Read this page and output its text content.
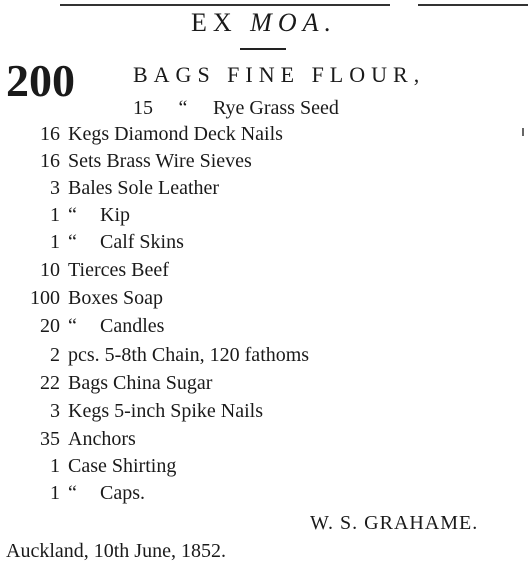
EX MOA.
200	BAGS FINE FLOUR,
15 “ Rye Grass Seed
16 Kegs Diamond Deck Nails
16 Sets Brass Wire Sieves
3 Bales Sole Leather
1 “ Kip
1 “ Calf Skins
10 Tierces Beef
100 Boxes Soap
20 “ Candles
2 pcs. 5-8th Chain, 120 fathoms
22 Bags China Sugar
3 Kegs 5-inch Spike Nails
35 Anchors
1 Case Shirting
1 “ Caps.
W. S. GRAHAME.
Auckland, 10th June, 1852.
